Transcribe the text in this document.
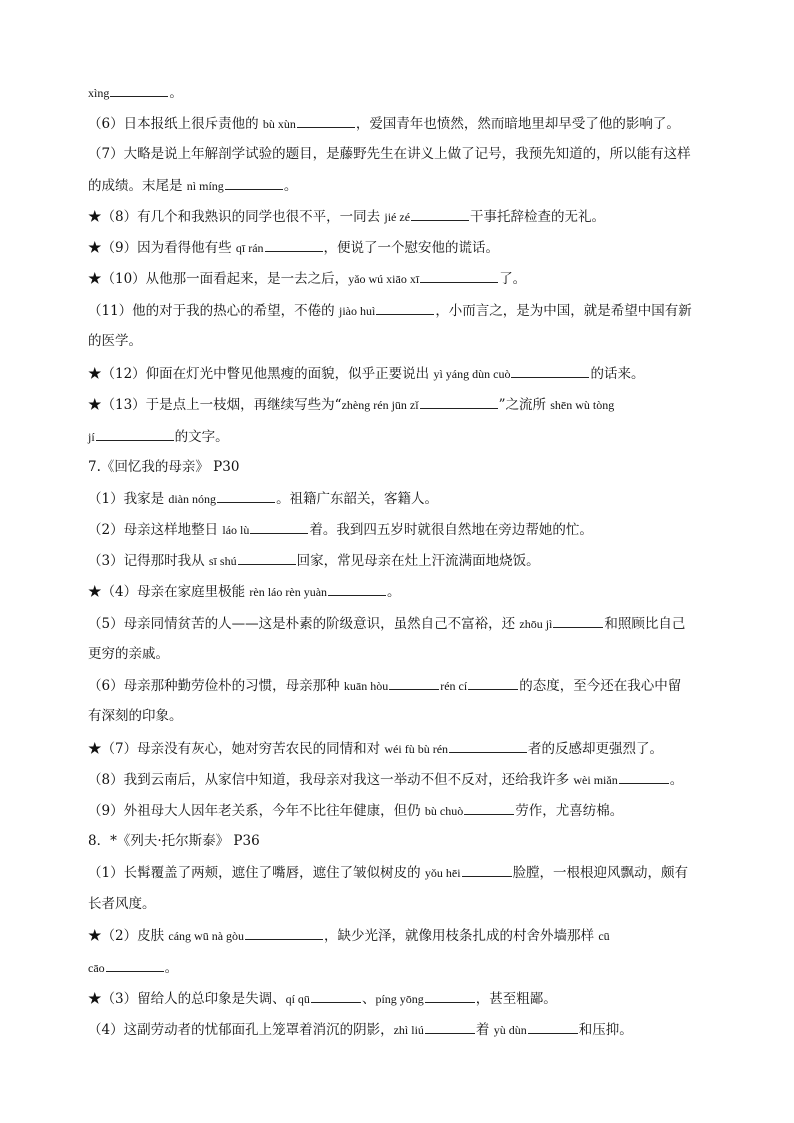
xìng	。
（6）日本报纸上很斥责他的 bù xùn	，爱国青年也愤然，然而暗地里却早受了他的影响了。
（7）大略是说上年解剖学试验的题目，是藤野先生在讲义上做了记号，我预先知道的，所以能有这样
的成绩。末尾是 nì míng	。
★（8）有几个和我熟识的同学也很不平，一同去 jié zé	干事托辞检查的无礼。
★（9）因为看得他有些 qī rán	，便说了一个慰安他的谎话。
★（10）从他那一面看起来，是一去之后，yǎo wú xiāo xī	了。
（11）他的对于我的热心的希望，不倦的 jiào huì	，小而言之，是为中国，就是希望中国有新
的医学。
★（12）仰面在灯光中瞥见他黑瘦的面貌，似乎正要说出 yì yáng dùn cuò	的话来。
★（13）于是点上一枝烟，再继续写些为“zhèng rén jūn zǐ	”之流所 shēn wù tòng
jí	的文字。
7.《回忆我的母亲》 P30
（1）我家是 diàn nóng	。祖籍广东韶关，客籍人。
（2）母亲这样地整日 láo lù	着。我到四五岁时就很自然地在旁边帮她的忙。
（3）记得那时我从 sī shú	回家，常见母亲在灶上汗流满面地烧饭。
★（4）母亲在家庭里极能 rèn láo rèn yuàn	。
（5）母亲同情贫苦的人——这是朴素的阶级意识，虽然自己不富裕，还 zhōu jì	和照顾比自己
更穷的亲戚。
（6）母亲那种勤劳俭朴的习惯，母亲那种 kuān hòu	rén cí	的态度，至今还在我心中留
有深刻的印象。
★（7）母亲没有灰心，她对穷苦农民的同情和对 wéi fù bù rén	者的反感却更强烈了。
（8）我到云南后，从家信中知道，我母亲对我这一举动不但不反对，还给我许多 wèi miǎn	。
（9）外祖母大人因年老关系，今年不比往年健康，但仍 bù chuò	劳作，尤喜纺棉。
8．*《列夫·托尔斯泰》 P36
（1）长髯覆盖了两颊，遮住了嘴唇，遮住了皱似树皮的 yǒu hēi	脸膛，一根根迎风飘动，颇有
长者风度。
★（2）皮肤 cáng wū nà gòu	，缺少光泽，就像用枝条扎成的村舍外墙那样 cū
cāo	。
★（3）留给人的总印象是失调、qí qū	、píng yōng	，甚至粗鄙。
（4）这副劳动者的忧郁面孔上笼罩着消沉的阴影，zhì liú	着 yù dùn	和压抑。
